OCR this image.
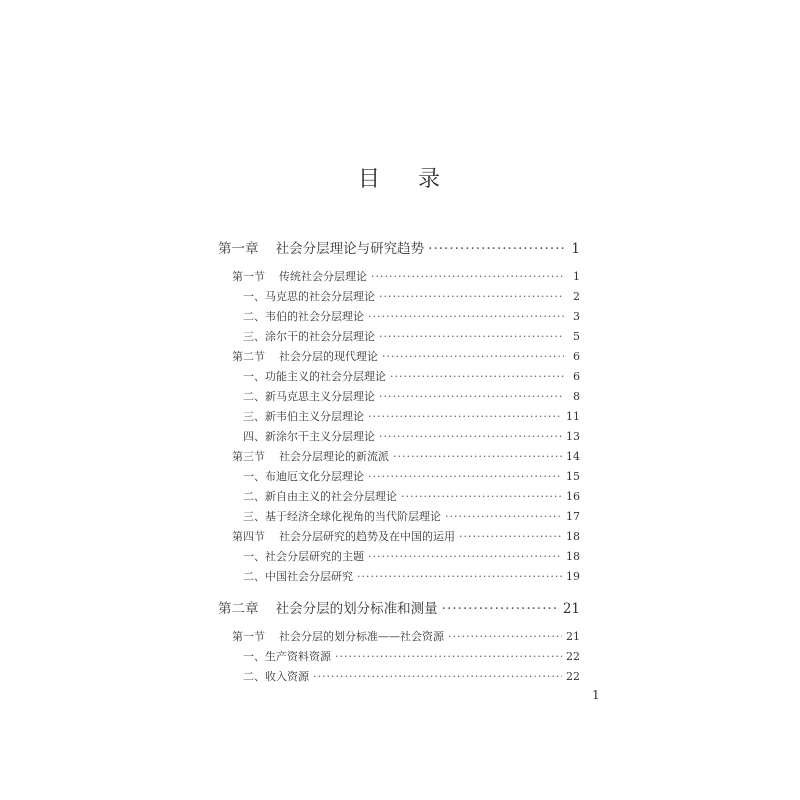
目 录
第一章    社会分层理论与研究趋势 ·····	1
第一节    传统社会分层理论 ·····	1
一、马克思的社会分层理论 ·····	2
二、韦伯的社会分层理论 ·····	3
三、涂尔干的社会分层理论 ·····	5
第二节    社会分层的现代理论 ·····	6
一、功能主义的社会分层理论 ·····	6
二、新马克思主义分层理论 ·····	8
三、新韦伯主义分层理论 ·····	11
四、新涂尔干主义分层理论 ·····	13
第三节    社会分层理论的新流派 ·····	14
一、布迪厄文化分层理论 ·····	15
二、新自由主义的社会分层理论 ·····	16
三、基于经济全球化视角的当代阶层理论 ·····	17
第四节    社会分层研究的趋势及在中国的运用 ·····	18
一、社会分层研究的主题 ·····	18
二、中国社会分层研究 ·····	19
第二章    社会分层的划分标准和测量 ·····	21
第一节    社会分层的划分标准——社会资源 ·····	21
一、生产资料资源 ·····	22
二、收入资源 ·····	22
1
